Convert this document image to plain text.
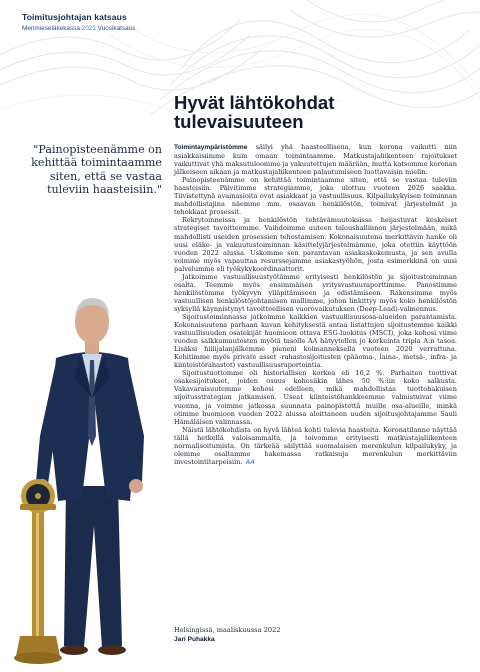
Toimitusjohtajan katsaus
Merimieseläkekassa 2021 Vuosikatsaus
Hyvät lähtökohdat
tulevaisuuteen

"Painopisteenämme on kehittää toimintaamme siten, että se vastaa tuleviin haasteisiin."

Toimintaympäristömme säilyi yhä haasteellisena, kun korona vaikutti niin asiakkaisiimme kuin omaan toimintaamme. Matkustajaliikenteen rajoitukset vaikuttivat yhä maksutuloomme ja vakuutettujen määrään, mutta katsomme koronan jälkeiseen aikaan ja matkustajaliikenteen palautumiseen luottavaisin mielin.

Painopisteenämme on kehittää toimintaamme siten, että se vastaa tuleviin haasteisiin. Päivitimme strategiamme, joka ulottuu vuoteen 2026 saakka. Tiivistettynä avainasioita ovat asiakkaat ja vastuullisuus. Kilpailukykyisen toiminnan mahdollistajina näemme mm. osaavan henkilöstön, toimivat järjestelmät ja tehokkaat prosessit.

Rekrytoinneissa ja henkilöstön tehtävämuutoksissa heijastuvat keskeiset strategiset tavoitteemme. Vaihdoimme uuteen taloushallinnon järjestelmään, mikä mahdollisti useiden prosessien tehostamisen. Kokonaisuutena merkittävin hanke oli uusi eläke- ja vakuutustoiminnan käsittelyjärjestelmämme, joka otettiin käyttöön vuoden 2022 alussa. Uskomme sen parantavan asiakaskokemusta, ja sen avulla voimme myös vapauttaa resurssejamme asiakastyöhön, josta esimerkkinä on uusi palvelumme eli työkykykoordinaattorit.

Jatkoimme vastuullisuustyötämme erityisesti henkilöstön ja sijoitustoiminnan osalta. Teemme myös ensimmäisen yritysvastuuraporttimme. Panostimme henkilöstömme työkyvyn ylläpitämiseen ja edistämiseen. Rakensimme myös vastuullisen henkilöstöjohtamisen mallimme, johon linkittyy myös koko henkilöstön syksyllä käynnistynyt tavoitteellisen vuorovaikutuksen (Deep-Lead)-valmennus.

Sijoitustoiminnassa jatkoimme kaikkien vastuullisuusosa-alueiden parantamista. Kokonaisuutena parhaan kuvan kehityksestä antaa listattujen sijoitustemme kaikki vastuullisuuden osatekijät huomioon ottava ESG-luokitus (MSCI), joka kohosi viime vuoden salkkumuutosten myötä tasolle AA hätyytellen jo korkeinta tripla A:n tasoa. Lisäksi hiilijalanjälkemme pieneni kolmanneksella vuoteen 2020 verrattuna. Kehitimme myös private asset -rahastosijoitusten (pääoma-, laina-, metsä-, infra- ja kiinteistörahastot) vastuullisuusraportointia.

Sijoitustuottomme oli historiallisen korkea eli 16,2 %. Parhaiten tuottivat osakesijoitukset, joiden osuus kohosiikin lähes 50 %:iin koko salkusta. Vakavaraisuutemme kohosi edelleen, mikä mahdollistaa tuottohakuisen sijoitusstrategian jatkamisen. Useat kiinteistöhankkeemme valmistuivat viime vuonna, ja voimme jatkossa suunnata painopistettä muille osa-alueille, minkä otimme huomioon vuoden 2022 alussa aloittaneen uuden sijoitusjohtajamme Sauli Hämäläisen valinnassa.

Näistä lähtökohdista on hyvä lähteä kohti tulevia haasteita. Koronatilanne näyttää tällä hetkellä valoisammalta, ja toivomme erityisesti matkustajaliikenteen normalisoitumista. On tärkeää säilyttää suomalaisen merenkulun kilpailukyky, ja olemme osaltamme hakemassa ratkaisuja merenkulun merkittäviin investointitarpeisiin. AA

Helsingissä, maaliskuussa 2022
Jari Puhakka
